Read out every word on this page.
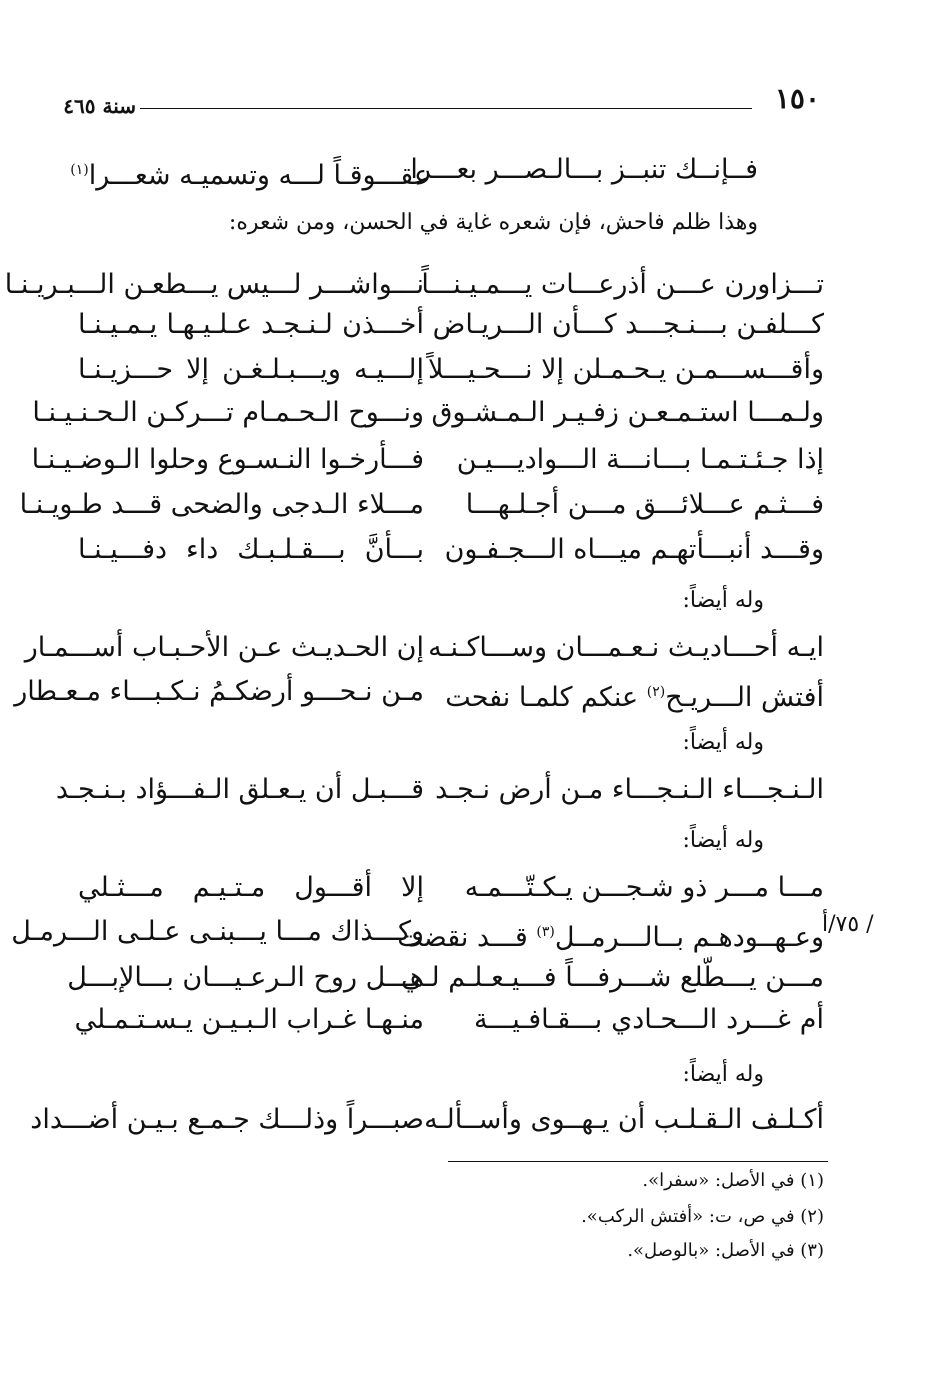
١٥٠
سنة ٤٦٥
فــإنــك تنبــز بـــالـصـــر بعـــرا
عقـــوقـاً لـــه وتسميـه شعـــرا$^{(١)}$
وهذا ظلم فاحش، فإن شعره غاية في الحسن، ومن شعره:
تـــزاورن عـــن أذرعـــات يـــمـيـنـــاً
نـــواشـــر لـــيس يـــطعـن الـــبـريـنـا
كـــلفـن بـــنـجـــد كـــأن الـــريـاض
أخـــذن لـنـجـد عـلـيـهـا يـمـيـنـا
وأقـــســـمـن يـحـمـلن إلا نـــحـيـــلاً
إلـــيـه ويـــبـلـغـن إلا حـــزيـنـا
ولـمـــا استـمـعـن زفـيـر الـمـشـوق
ونـــوح الـحـمـام تـــركـن الـحـنـيـنـا
إذا جـئـتـمـا بـــانـــة الـــواديـــيـن
فـــأرخـوا النـسـوع وحلوا الـوضـيـنـا
فـــثـم عـــلائـــق مـــن أجـلـهـــا
مـــلاء الـدجى والضحى قـــد طـويـنـا
وقـــد أنبـــأتهـم ميـــاه الـــجـفـون
بـــأنَّ بـــقـلـبـك داء دفـــيـنـا
وله أيضاً:
ايـه أحـــاديـث نـعـمـــان وســـاكـنـه
إن الحـديـث عـن الأحـبـاب أســـمـار
أفتش الـــريـح$^{(٢)}$ عنكم كلمـا نفحت
مـن نـحـــو أرضكـمُ نـكـبـــاء مـعـطار
وله أيضاً:
الـنـجـــاء الـنـجـــاء مـن أرض نـجـد
قـــبـل أن يـعـلق الـفـــؤاد بـنـجـد
وله أيضاً:
مـــا مـــر ذو شـجـــن يـكـتّـــمـه
إلا أقـــول مـتـيـم مـــثـلي
وعـهــودهـم بــالـــرمــل$^{(٣)}$ قـــد نقضت
وكـــذاك مـــا يـــبنـى عـلـى الـــرمـل	٧٥/أ /
مـــن يـــطّلع شـــرفـــاً فـــيـعـلـم لـي
هـــل روح الـرعـيـــان بـــالإبـــل
أم غـــرد الـــحـادي بـــقـافـيـــة
منـهـا غـراب الـبـيـن يـسـتـمـلي
وله أيضاً:
أكـلـف الـقـلـب أن يـهــوى وأســألـه
صبـــراً وذلـــك جـمـع بـيـن أضـــداد
(١) في الأصل: «سفرا».
(٢) في ص، ت: «أفتش الركب».
(٣) في الأصل: «بالوصل».
